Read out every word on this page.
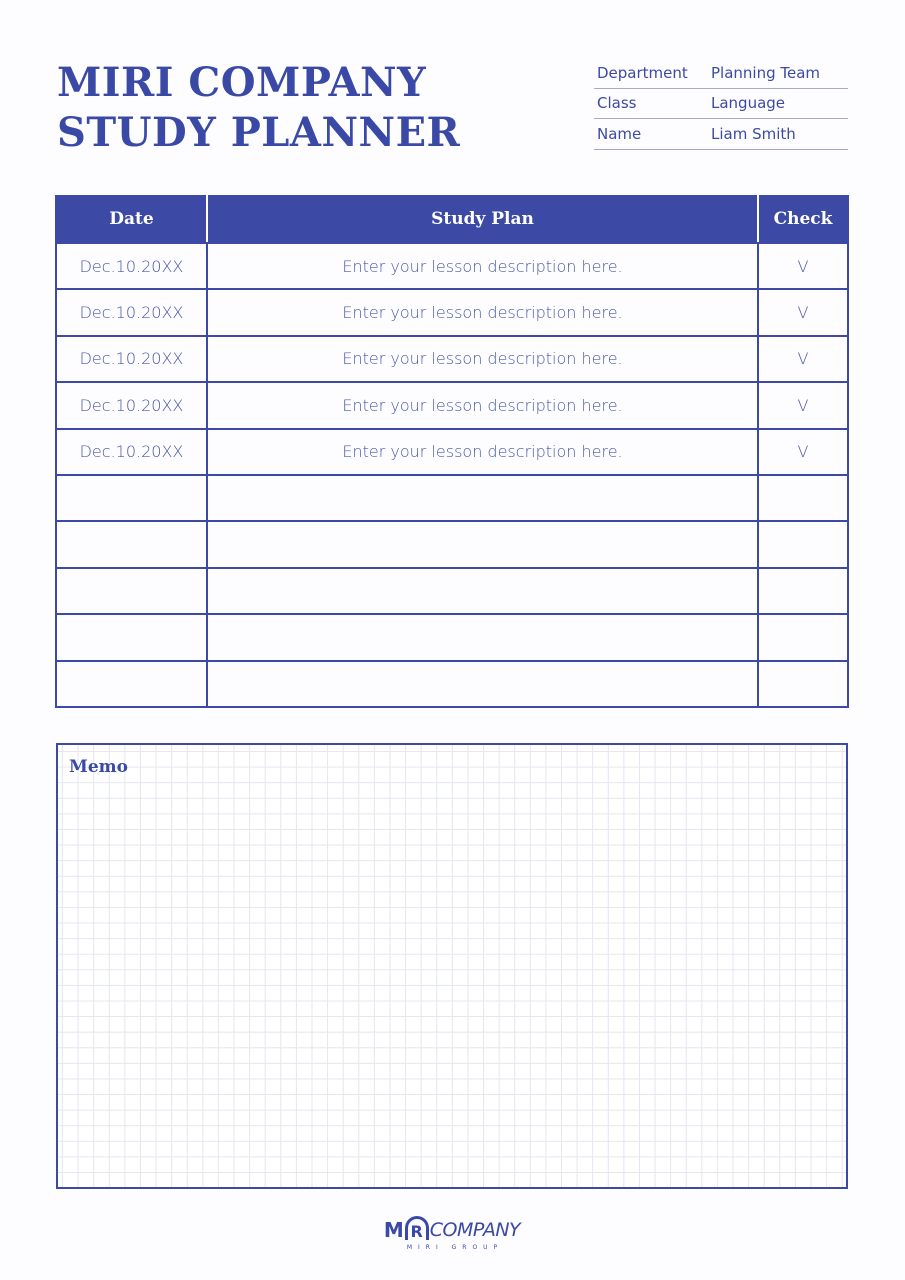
MIRI COMPANY
STUDY PLANNER
Department	Planning Team
Class	Language
Name	Liam Smith
Date	Study Plan	Check
Dec.10.20XX	Enter your lesson description here.	V
Dec.10.20XX	Enter your lesson description here.	V
Dec.10.20XX	Enter your lesson description here.	V
Dec.10.20XX	Enter your lesson description here.	V
Dec.10.20XX	Enter your lesson description here.	V
Memo
M R COMPANY
MIRI GROUP
